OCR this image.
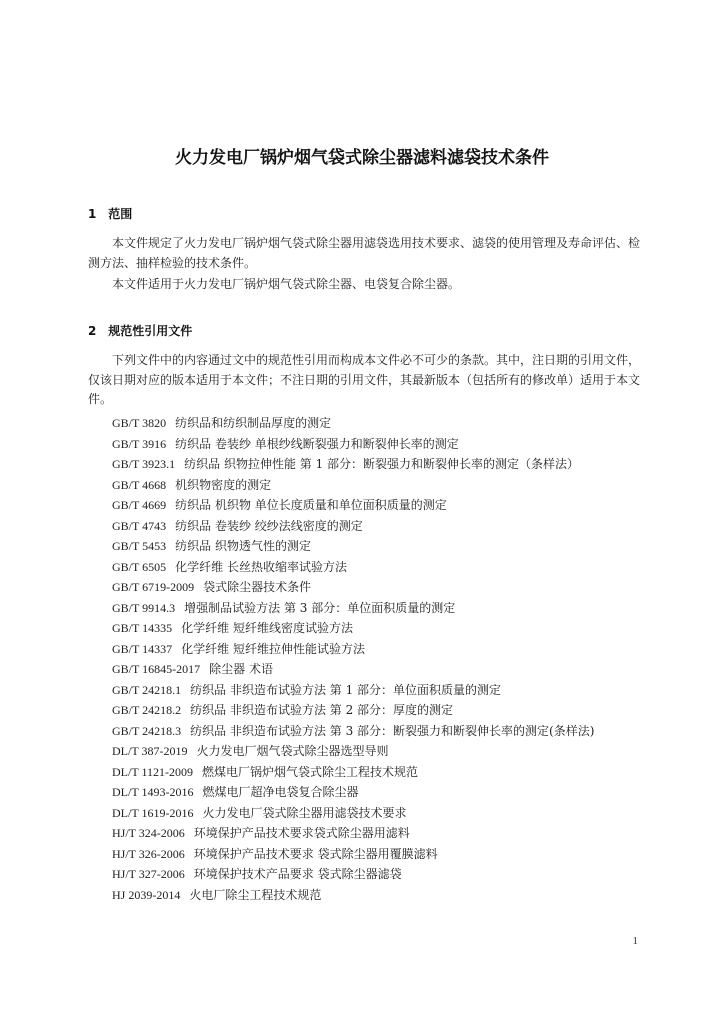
火力发电厂锅炉烟气袋式除尘器滤料滤袋技术条件
1 范围
本文件规定了火力发电厂锅炉烟气袋式除尘器用滤袋选用技术要求、滤袋的使用管理及寿命评估、检测方法、抽样检验的技术条件。
本文件适用于火力发电厂锅炉烟气袋式除尘器、电袋复合除尘器。
2 规范性引用文件
下列文件中的内容通过文中的规范性引用而构成本文件必不可少的条款。其中，注日期的引用文件，仅该日期对应的版本适用于本文件；不注日期的引用文件，其最新版本（包括所有的修改单）适用于本文件。
GB/T 3820 纺织品和纺织制品厚度的测定
GB/T 3916 纺织品 卷装纱 单根纱线断裂强力和断裂伸长率的测定
GB/T 3923.1 纺织品 织物拉伸性能 第 1 部分：断裂强力和断裂伸长率的测定（条样法）
GB/T 4668 机织物密度的测定
GB/T 4669 纺织品 机织物 单位长度质量和单位面积质量的测定
GB/T 4743 纺织品 卷装纱 绞纱法线密度的测定
GB/T 5453 纺织品 织物透气性的测定
GB/T 6505 化学纤维 长丝热收缩率试验方法
GB/T 6719-2009 袋式除尘器技术条件
GB/T 9914.3 增强制品试验方法 第 3 部分：单位面积质量的测定
GB/T 14335 化学纤维 短纤维线密度试验方法
GB/T 14337 化学纤维 短纤维拉伸性能试验方法
GB/T 16845-2017 除尘器 术语
GB/T 24218.1 纺织品 非织造布试验方法 第 1 部分：单位面积质量的测定
GB/T 24218.2 纺织品 非织造布试验方法 第 2 部分：厚度的测定
GB/T 24218.3 纺织品 非织造布试验方法 第 3 部分：断裂强力和断裂伸长率的测定(条样法)
DL/T 387-2019 火力发电厂烟气袋式除尘器选型导则
DL/T 1121-2009 燃煤电厂锅炉烟气袋式除尘工程技术规范
DL/T 1493-2016 燃煤电厂超净电袋复合除尘器
DL/T 1619-2016 火力发电厂袋式除尘器用滤袋技术要求
HJ/T 324-2006 环境保护产品技术要求袋式除尘器用滤料
HJ/T 326-2006 环境保护产品技术要求 袋式除尘器用覆膜滤料
HJ/T 327-2006 环境保护技术产品要求 袋式除尘器滤袋
HJ 2039-2014 火电厂除尘工程技术规范
1
